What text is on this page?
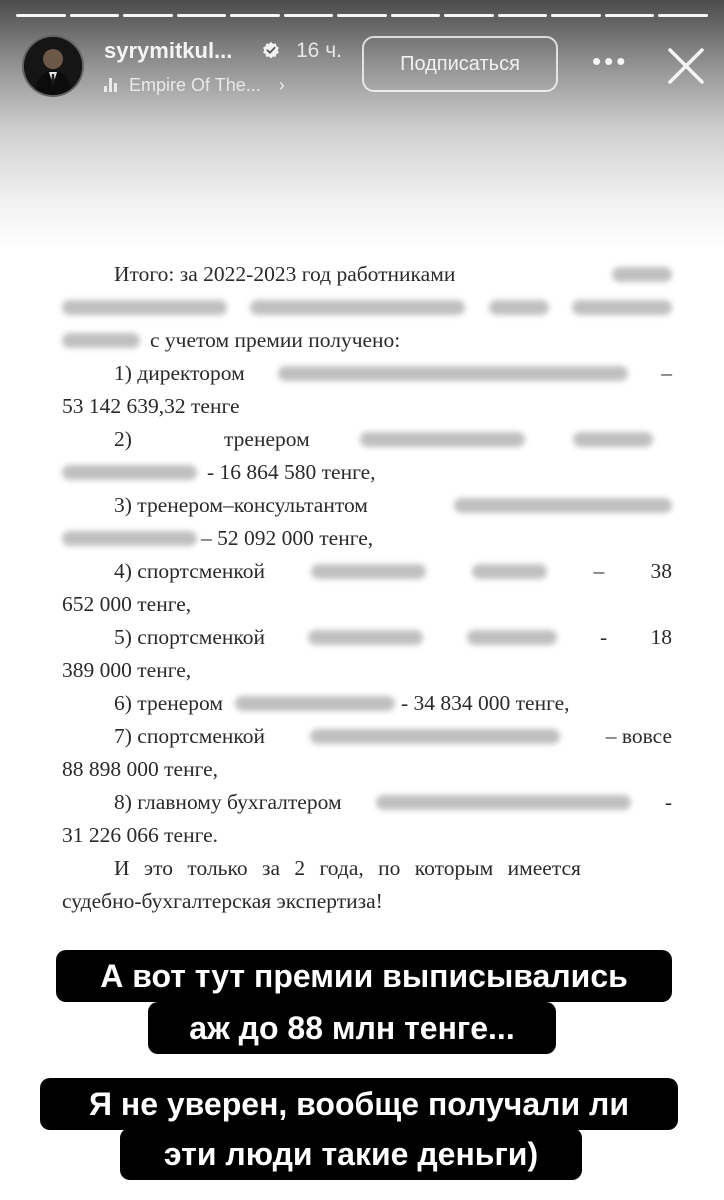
syrymitkul...	16 ч.
Empire Of The... ›
Подписаться	•••
Итого: за 2022-2023 год работниками
с учетом премии получено:
1) директором	–
53 142 639,32 тенге
2)	тренером
- 16 864 580 тенге,
3) тренером–консультантом
– 52 092 000 тенге,
4) спортсменкой	– 38
652 000 тенге,
5) спортсменкой	- 18
389 000 тенге,
6) тренером	- 34 834 000 тенге,
7) спортсменкой	– вовсе
88 898 000 тенге,
8) главному бухгалтером	-
31 226 066 тенге.
И это только за 2 года, по которым имеется
судебно-бухгалтерская экспертиза!
А вот тут премии выписывались
аж до 88 млн тенге...
Я не уверен, вообще получали ли
эти люди такие деньги)
